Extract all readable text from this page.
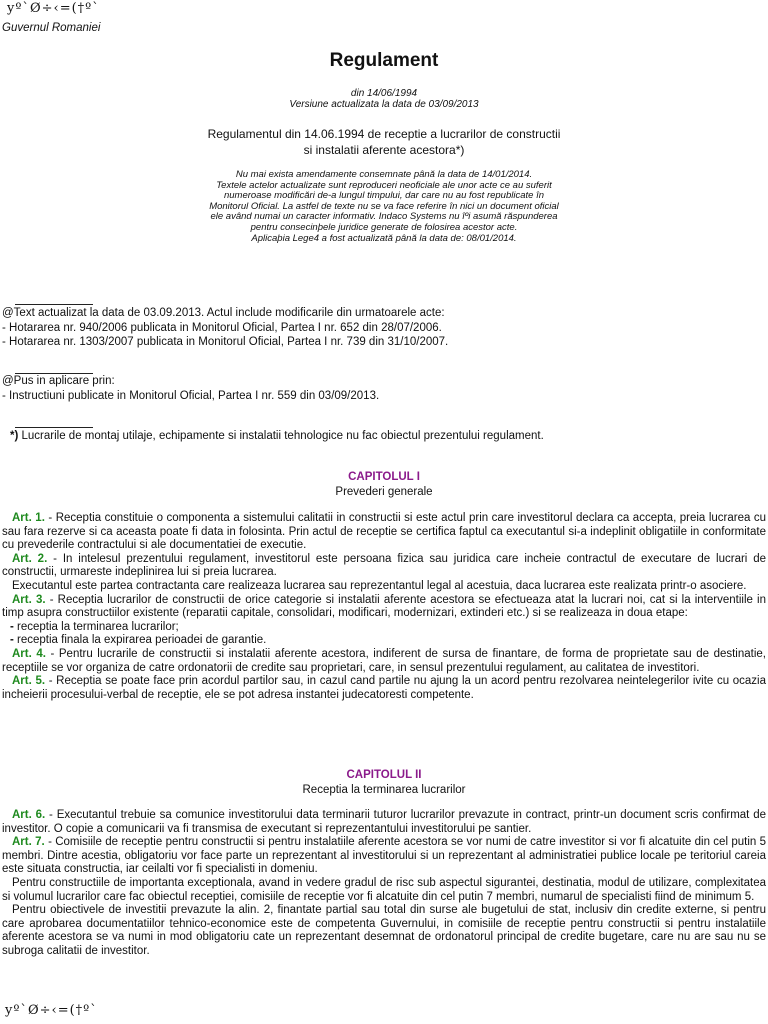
yº`Ø÷‹=(†º`
Guvernul Romaniei
Regulament
din 14/06/1994
Versiune actualizata la data de 03/09/2013
Regulamentul din 14.06.1994 de receptie a lucrarilor de constructii
si instalatii aferente acestora*)
Nu mai exista amendamente consemnate până la data de 14/01/2014.
Textele actelor actualizate sunt reproduceri neoficiale ale unor acte ce au suferit
numeroase modificări de-a lungul timpului, dar care nu au fost republicate în
Monitorul Oficial. La astfel de texte nu se va face referire în nici un document oficial
ele având numai un caracter informativ. Indaco Systems nu îºi asumă răspunderea
pentru consecinþele juridice generate de folosirea acestor acte.
Aplicaþia Lege4 a fost actualizată până la data de: 08/01/2014.
@Text actualizat la data de 03.09.2013. Actul include modificarile din urmatoarele acte:
- Hotararea nr. 940/2006 publicata in Monitorul Oficial, Partea I nr. 652 din 28/07/2006.
- Hotararea nr. 1303/2007 publicata in Monitorul Oficial, Partea I nr. 739 din 31/10/2007.
@Pus in aplicare prin:
- Instructiuni publicate in Monitorul Oficial, Partea I nr. 559 din 03/09/2013.
*) Lucrarile de montaj utilaje, echipamente si instalatii tehnologice nu fac obiectul prezentului regulament.
CAPITOLUL I
Prevederi generale

Art. 1. - Receptia constituie o componenta a sistemului calitatii in constructii si este actul prin care investitorul declara ca accepta, preia lucrarea cu sau fara rezerve si ca aceasta poate fi data in folosinta. Prin actul de receptie se certifica faptul ca executantul si-a indeplinit obligatiile in conformitate cu prevederile contractului si ale documentatiei de executie.

Art. 2. - In intelesul prezentului regulament, investitorul este persoana fizica sau juridica care incheie contractul de executare de lucrari de constructii, urmareste indeplinirea lui si preia lucrarea.

Executantul este partea contractanta care realizeaza lucrarea sau reprezentantul legal al acestuia, daca lucrarea este realizata printr-o asociere.

Art. 3. - Receptia lucrarilor de constructii de orice categorie si instalatii aferente acestora se efectueaza atat la lucrari noi, cat si la interventiile in timp asupra constructiilor existente (reparatii capitale, consolidari, modificari, modernizari, extinderi etc.) si se realizeaza in doua etape:

- receptia la terminarea lucrarilor;

- receptia finala la expirarea perioadei de garantie.

Art. 4. - Pentru lucrarile de constructii si instalatii aferente acestora, indiferent de sursa de finantare, de forma de proprietate sau de destinatie, receptiile se vor organiza de catre ordonatorii de credite sau proprietari, care, in sensul prezentului regulament, au calitatea de investitori.

Art. 5. - Receptia se poate face prin acordul partilor sau, in cazul cand partile nu ajung la un acord pentru rezolvarea neintelegerilor ivite cu ocazia incheierii procesului-verbal de receptie, ele se pot adresa instantei judecatoresti competente.

CAPITOLUL II
Receptia la terminarea lucrarilor

Art. 6. - Executantul trebuie sa comunice investitorului data terminarii tuturor lucrarilor prevazute in contract, printr-un document scris confirmat de investitor. O copie a comunicarii va fi transmisa de executant si reprezentantului investitorului pe santier.

Art. 7. - Comisiile de receptie pentru constructii si pentru instalatiile aferente acestora se vor numi de catre investitor si vor fi alcatuite din cel putin 5 membri. Dintre acestia, obligatoriu vor face parte un reprezentant al investitorului si un reprezentant al administratiei publice locale pe teritoriul careia este situata constructia, iar ceilalti vor fi specialisti in domeniu.

Pentru constructiile de importanta exceptionala, avand in vedere gradul de risc sub aspectul sigurantei, destinatia, modul de utilizare, complexitatea si volumul lucrarilor care fac obiectul receptiei, comisiile de receptie vor fi alcatuite din cel putin 7 membri, numarul de specialisti fiind de minimum 5.

Pentru obiectivele de investitii prevazute la alin. 2, finantate partial sau total din surse ale bugetului de stat, inclusiv din credite externe, si pentru care aprobarea documentatiilor tehnico-economice este de competenta Guvernului, in comisiile de receptie pentru constructii si pentru instalatiile aferente acestora se va numi in mod obligatoriu cate un reprezentant desemnat de ordonatorul principal de credite bugetare, care nu are sau nu se subroga calitatii de investitor.

yº`Ø÷‹=(†º`
